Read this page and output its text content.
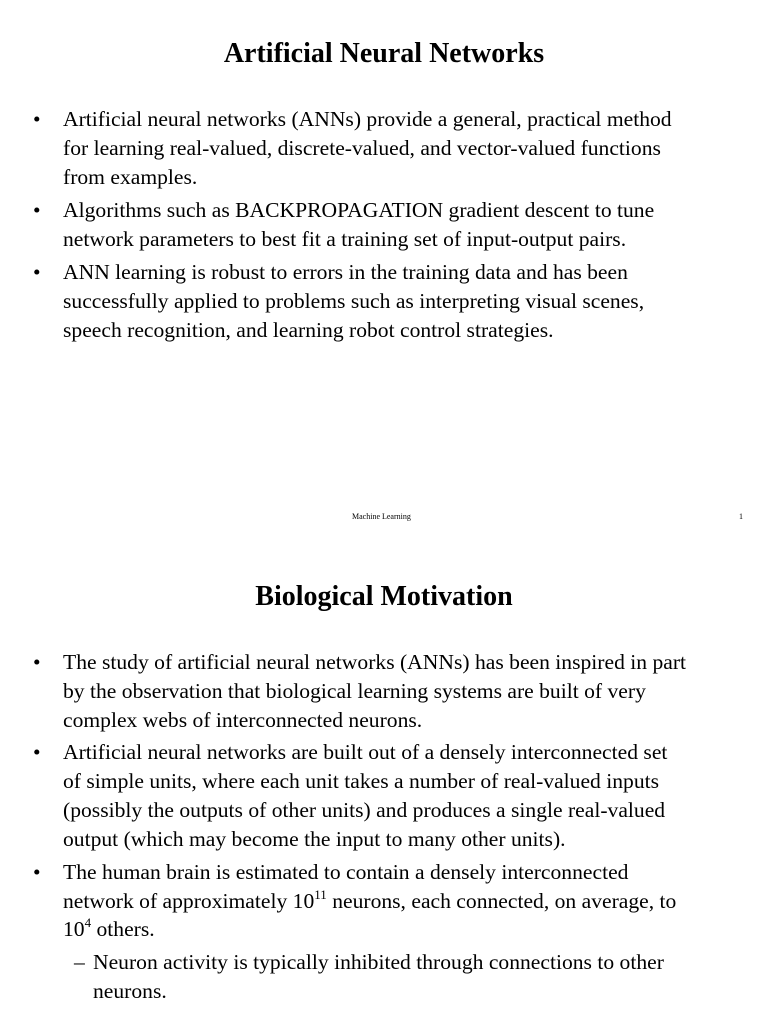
Artificial Neural Networks
• Artificial neural networks (ANNs) provide a general, practical method
for learning real-valued, discrete-valued, and vector-valued functions
from examples.
• Algorithms such as BACKPROPAGATION gradient descent to tune
network parameters to best fit a training set of input-output pairs.
• ANN learning is robust to errors in the training data and has been
successfully applied to problems such as interpreting visual scenes,
speech recognition, and learning robot control strategies.
Machine Learning	1
Biological Motivation
• The study of artificial neural networks (ANNs) has been inspired in part
by the observation that biological learning systems are built of very
complex webs of interconnected neurons.
• Artificial neural networks are built out of a densely interconnected set
of simple units, where each unit takes a number of real-valued inputs
(possibly the outputs of other units) and produces a single real-valued
output (which may become the input to many other units).
• The human brain is estimated to contain a densely interconnected
network of approximately $10^{11}$ neurons, each connected, on average, to
$10^4$ others.
– Neuron activity is typically inhibited through connections to other
neurons.
